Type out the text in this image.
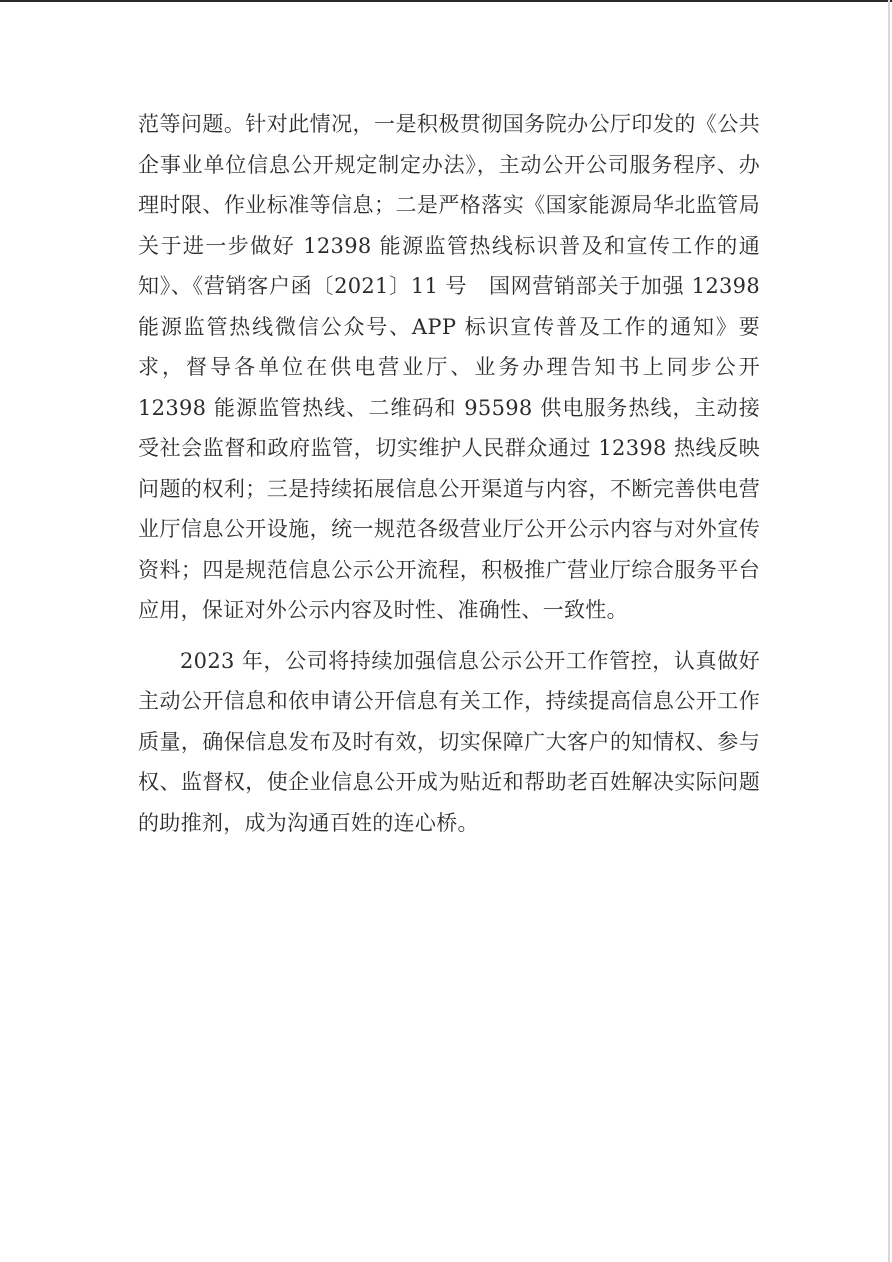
范等问题。针对此情况，一是积极贯彻国务院办公厅印发的《公共企事业单位信息公开规定制定办法》，主动公开公司服务程序、办理时限、作业标准等信息；二是严格落实《国家能源局华北监管局关于进一步做好 12398 能源监管热线标识普及和宣传工作的通知》、《营销客户函〔2021〕11 号　国网营销部关于加强 12398 能源监管热线微信公众号、APP 标识宣传普及工作的通知》要求，督导各单位在供电营业厅、业务办理告知书上同步公开 12398 能源监管热线、二维码和 95598 供电服务热线，主动接受社会监督和政府监管，切实维护人民群众通过 12398 热线反映问题的权利；三是持续拓展信息公开渠道与内容，不断完善供电营业厅信息公开设施，统一规范各级营业厅公开公示内容与对外宣传资料；四是规范信息公示公开流程，积极推广营业厅综合服务平台应用，保证对外公示内容及时性、准确性、一致性。

2023 年，公司将持续加强信息公示公开工作管控，认真做好主动公开信息和依申请公开信息有关工作，持续提高信息公开工作质量，确保信息发布及时有效，切实保障广大客户的知情权、参与权、监督权，使企业信息公开成为贴近和帮助老百姓解决实际问题的助推剂，成为沟通百姓的连心桥。
